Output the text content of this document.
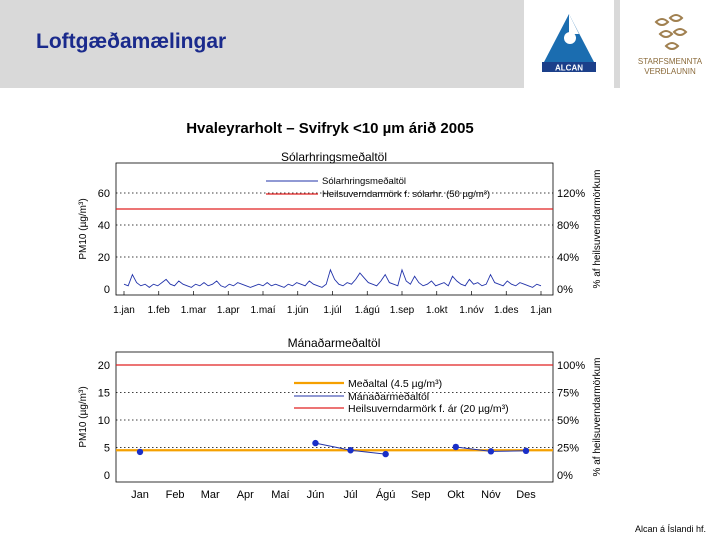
Loftgæðamælingar
ALCAN
STARFSMENNTA
VERÐLAUNIN
Hvaleyrarholt – Svifryk <10 µm árið 2005
Sólarhringsmeðaltöl
0	0%
20	40%
40	80%
60	120%
1.jan 1.feb 1.mar 1.apr 1.maí 1.jún 1.júl 1.ágú 1.sep 1.okt 1.nóv 1.des 1.jan
Sólarhringsmeðaltöl
Heilsuverndarmörk f. sólarhr. (50 µg/m³)
PM10 (µg/m³)	% af heilsuverndarmörkum
Mánaðarmeðaltöl
0	0%
5	25%
10	50%
15	75%
20	100%
Jan Feb Mar Apr Maí Jún Júl Ágú Sep Okt Nóv Des
Meðaltal (4.5 µg/m³)
Mánaðarmeðaltöl
Heilsuverndarmörk f. ár (20 µg/m³)
PM10 (µg/m³)	% af heilsuverndarmörkum
Alcan á Íslandi hf.
